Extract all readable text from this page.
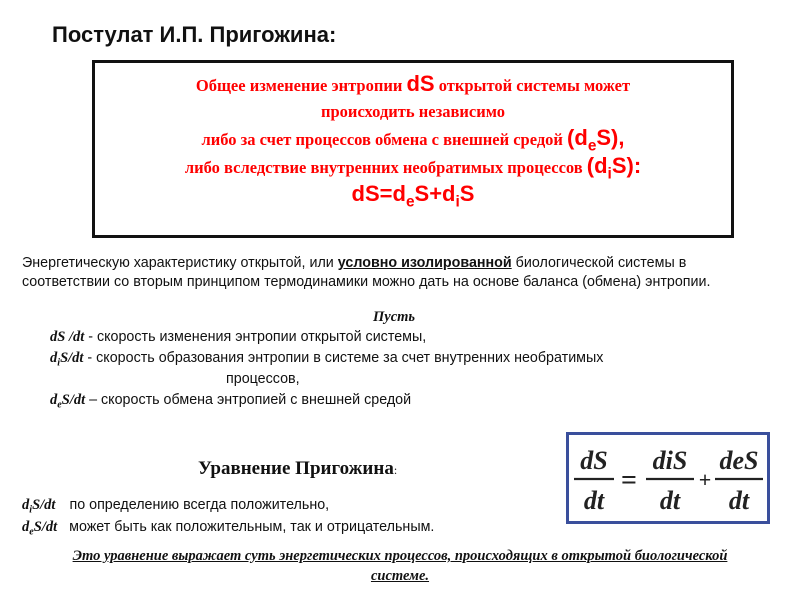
Постулат И.П. Пригожина:
Общее изменение энтропии dS открытой системы может
происходить независимо
либо за счет процессов обмена с внешней средой $(d_eS)$,
либо вследствие внутренних необратимых процессов $(d_iS)$:
$dS=d_eS+d_iS$

Энергетическую характеристику открытой, или условно изолированной биологической системы в соответствии со вторым принципом термодинамики можно дать на основе баланса (обмена) энтропии.

Пусть
dS /dt - скорость изменения энтропии открытой системы,
$d_iS/dt$ - скорость образования энтропии в системе за счет внутренних необратимых
процессов,
$d_eS/dt$ – скорость обмена энтропией с внешней средой
Уравнение Пригожина:	dS
dt
=
diS
dt
+
deS
dt
$d_iS/dt$ по определению всегда положительно,
$d_eS/dt$ может быть как положительным, так и отрицательным.
Это уравнение выражает суть энергетических процессов, происходящих в открытой биологической системе.
